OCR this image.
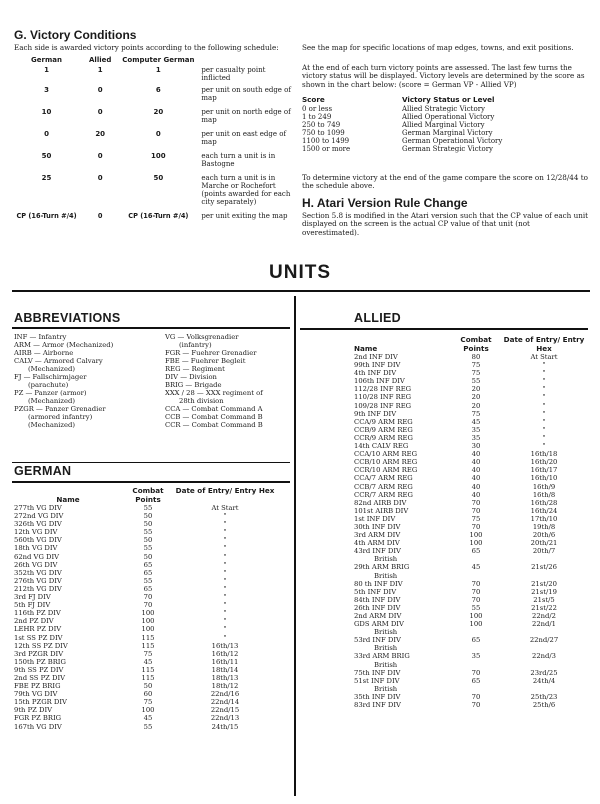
G. Victory Conditions
Each side is awarded victory points according to the following schedule:
German	Allied	Computer German	
1	1	1	per casualty point inflicted
3	0	6	per unit on south edge of map
10	0	20	per unit on north edge of map
0	20	0	per unit on east edge of map
50	0	100	each turn a unit is in Bastogne
25	0	50	each turn a unit is in Marche or Rochefort (points awarded for each city separately)
CP (16-Turn #/4)	0	CP (16-Turn #/4)	per unit exiting the map
See the map for specific locations of map edges, towns, and exit positions.
At the end of each turn victory points are assessed. The last few turns the victory status will be displayed. Victory levels are determined by the score as shown in the chart below: (score = German VP - Allied VP)
Score	Victory Status or Level
0 or less	Allied Strategic Victory
1 to 249	Allied Operational Victory
250 to 749	Allied Marginal Victory
750 to 1099	German Marginal Victory
1100 to 1499	German Operational Victory
1500 or more	German Strategic Victory
To determine victory at the end of the game compare the score on 12/28/44 to the schedule above.
H. Atari Version Rule Change
Section 5.8 is modified in the Atari version such that the CP value of each unit displayed on the screen is the actual CP value of that unit (not overestimated).
UNITS
ABBREVIATIONS
INF — Infantry
ARM — Armor (Mechanized)
AIRB — Airborne
CALV — Armored Calvary
(Mechanized)
FJ — Fallschirmjager
(parachute)
PZ — Panzer (armor)
(Mechanized)
PZGR — Panzer Grenadier
(armored infantry)
(Mechanized)
VG — Volksgrenadier
(infantry)
FGR — Fuehrer Grenadier
FBE — Fuehrer Begleit
REG — Regiment
DIV — Division
BRIG — Brigade
XXX / 28 — XXX regiment of
28th division
CCA — Combat Command A
CCB — Combat Command B
CCR — Combat Command B
GERMAN
Name	Combat Points	Date of Entry/ Entry Hex
277th VG DIV	55	At Start
272nd VG DIV	50	"
326th VG DIV	50	"
12th VG DIV	55	"
560th VG DIV	50	"
18th VG DIV	55	"
62nd VG DIV	50	"
26th VG DIV	65	"
352th VG DIV	65	"
276th VG DIV	55	"
212th VG DIV	65	"
3rd FJ DIV	70	"
5th FJ DIV	70	"
116th PZ DIV	100	"
2nd PZ DIV	100	"
LEHR PZ DIV	100	"
1st SS PZ DIV	115	"
12th SS PZ DIV	115	16th/13
3rd PZGR DIV	75	16th/12
150th PZ BRIG	45	16th/11
9th SS PZ DIV	115	18th/14
2nd SS PZ DIV	115	18th/13
FBE PZ BRIG	50	18th/12
79th VG DIV	60	22nd/16
15th PZGR DIV	75	22nd/14
9th PZ DIV	100	22nd/15
FGR PZ BRIG	45	22nd/13
167th VG DIV	55	24th/15
ALLIED
Name	Combat Points	Date of Entry/ Entry Hex
2nd INF DIV	80	At Start
99th INF DIV	75	"
4th INF DIV	75	"
106th INF DIV	55	"
112/28 INF REG	20	"
110/28 INF REG	20	"
109/28 INF REG	20	"
9th INF DIV	75	"
CCA/9 ARM REG	45	"
CCB/9 ARM REG	35	"
CCR/9 ARM REG	35	"
14th CALV REG	30	"
CCA/10 ARM REG	40	16th/18
CCB/10 ARM REG	40	16th/20
CCR/10 ARM REG	40	16th/17
CCA/7 ARM REG	40	16th/10
CCB/7 ARM REG	40	16th/9
CCR/7 ARM REG	40	16th/8
82nd AIRB DIV	70	16th/28
101st AIRB DIV	70	16th/24
1st INF DIV	75	17th/10
30th INF DIV	70	19th/8
3rd ARM DIV	100	20th/6
4th ARM DIV	100	20th/21
43rd INF DIV	65	20th/7
British		
29th ARM BRIG	45	21st/26
British		
80 th INF DIV	70	21st/20
5th INF DIV	70	21st/19
84th INF DIV	70	21st/5
26th INF DIV	55	21st/22
2nd ARM DIV	100	22nd/2
GDS ARM DIV	100	22nd/1
British		
53rd INF DIV	65	22nd/27
British		
33rd ARM BRIG	35	22nd/3
British		
75th INF DIV	70	23rd/25
51st INF DIV	65	24th/4
British		
35th INF DIV	70	25th/23
83rd INF DIV	70	25th/6
